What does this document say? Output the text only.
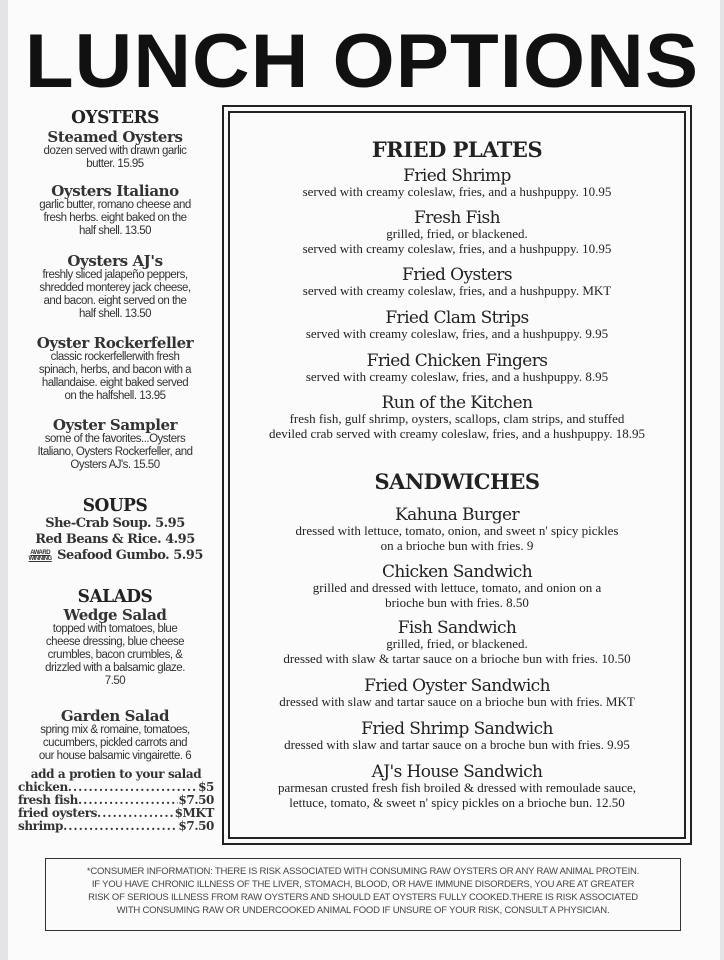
LUNCH OPTIONS
OYSTERS
Steamed Oysters
dozen served with drawn garlic
butter. 15.95
Oysters Italiano
garlic butter, romano cheese and
fresh herbs. eight baked on the
half shell. 13.50
Oysters AJ's
freshly sliced jalapeño peppers,
shredded monterey jack cheese,
and bacon. eight served on the
half shell. 13.50
Oyster Rockerfeller
classic rockerfellerwith fresh
spinach, herbs, and bacon with a
hallandaise. eight baked served
on the halfshell. 13.95
Oyster Sampler
some of the favorites...Oysters
Italiano, Oysters Rockerfeller, and
Oysters AJ's. 15.50
SOUPS
She-Crab Soup. 5.95
Red Beans & Rice. 4.95
AWARD WINNING Seafood Gumbo. 5.95
SALADS
Wedge Salad
topped with tomatoes, blue
cheese dressing, blue cheese
crumbles, bacon crumbles, &
drizzled with a balsamic glaze.
7.50
Garden Salad
spring mix & romaine, tomatoes,
cucumbers, pickled carrots and
our house balsamic vingairette. 6
add a protien to your salad
chicken .....	$5
fresh fish .....	$7.50
fried oysters .....	$MKT
shrimp .....	$7.50
FRIED PLATES
Fried Shrimp
served with creamy coleslaw, fries, and a hushpuppy. 10.95
Fresh Fish
grilled, fried, or blackened.
served with creamy coleslaw, fries, and a hushpuppy. 10.95
Fried Oysters
served with creamy coleslaw, fries, and a hushpuppy. MKT
Fried Clam Strips
served with creamy coleslaw, fries, and a hushpuppy. 9.95
Fried Chicken Fingers
served with creamy coleslaw, fries, and a hushpuppy. 8.95
Run of the Kitchen
fresh fish, gulf shrimp, oysters, scallops, clam strips, and stuffed
deviled crab served with creamy coleslaw, fries, and a hushpuppy. 18.95
SANDWICHES
Kahuna Burger
dressed with lettuce, tomato, onion, and sweet n' spicy pickles
on a brioche bun with fries. 9
Chicken Sandwich
grilled and dressed with lettuce, tomato, and onion on a
brioche bun with fries. 8.50
Fish Sandwich
grilled, fried, or blackened.
dressed with slaw & tartar sauce on a brioche bun with fries. 10.50
Fried Oyster Sandwich
dressed with slaw and tartar sauce on a brioche bun with fries. MKT
Fried Shrimp Sandwich
dressed with slaw and tartar sauce on a broche bun with fries. 9.95
AJ's House Sandwich
parmesan crusted fresh fish broiled & dressed with remoulade sauce,
lettuce, tomato, & sweet n' spicy pickles on a brioche bun. 12.50
*CONSUMER INFORMATION: THERE IS RISK ASSOCIATED WITH CONSUMING RAW OYSTERS OR ANY RAW ANIMAL PROTEIN.
IF YOU HAVE CHRONIC ILLNESS OF THE LIVER, STOMACH, BLOOD, OR HAVE IMMUNE DISORDERS, YOU ARE AT GREATER
RISK OF SERIOUS ILLNESS FROM RAW OYSTERS AND SHOULD EAT OYSTERS FULLY COOKED.THERE IS RISK ASSOCIATED
WITH CONSUMING RAW OR UNDERCOOKED ANIMAL FOOD IF UNSURE OF YOUR RISK, CONSULT A PHYSICIAN.
